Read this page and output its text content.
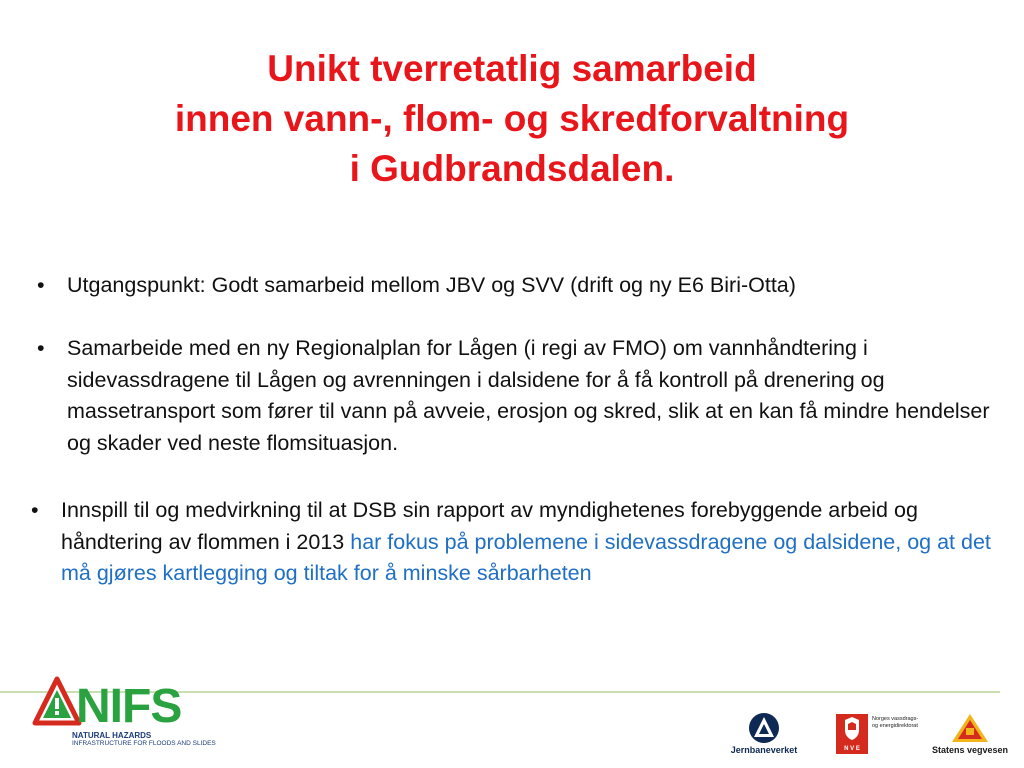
Unikt tverretatlig samarbeid
innen vann-, flom- og skredforvaltning
i Gudbrandsdalen.
• Utgangspunkt: Godt samarbeid mellom JBV og SVV (drift og ny E6 Biri-Otta)
• Samarbeide med en ny Regionalplan for Lågen (i regi av FMO) om vannhåndtering i sidevassdragene til Lågen og avrenningen i dalsidene for å få kontroll på drenering og massetransport som fører til vann på avveie, erosjon og skred, slik at en kan få mindre hendelser og skader ved neste flomsituasjon.
• Innspill til og medvirkning til at DSB sin rapport av myndighetenes forebyggende arbeid og håndtering av flommen i 2013 har fokus på problemene i sidevassdragene og dalsidene, og at det må gjøres kartlegging og tiltak for å minske sårbarheten
NIFS
NATURAL HAZARDS
INFRASTRUCTURE FOR FLOODS AND SLIDES
Jernbaneverket	N V E
Norges vassdrags- og energidirektorat
Statens vegvesen
